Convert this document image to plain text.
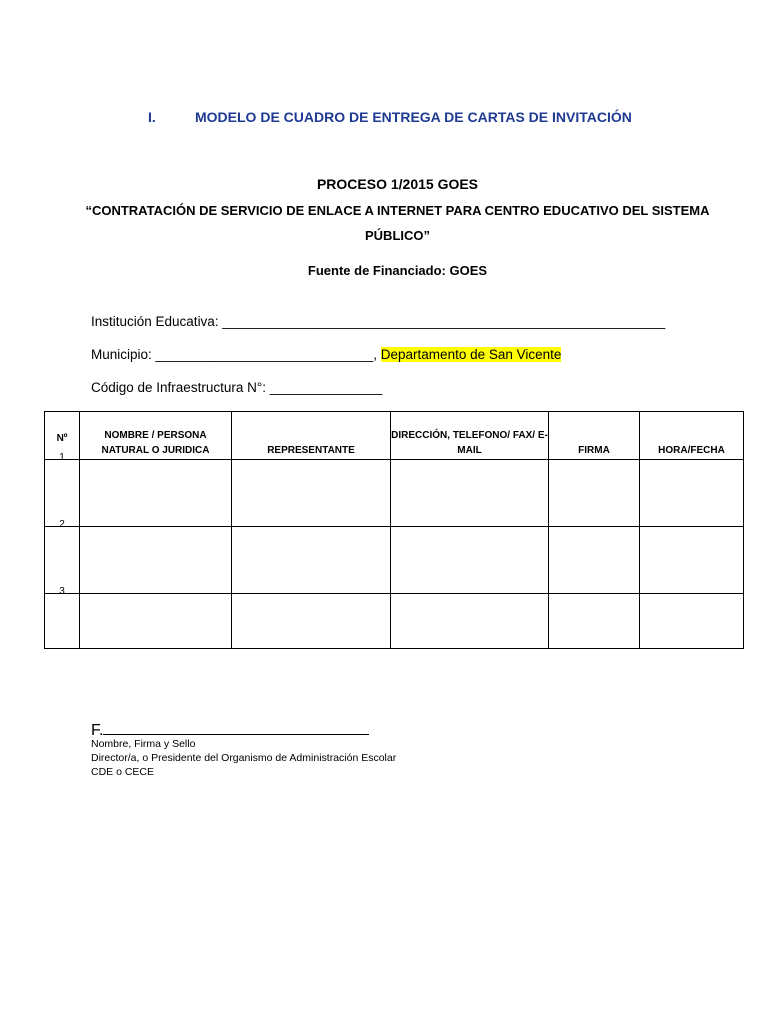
I.	MODELO DE CUADRO DE ENTREGA DE CARTAS DE INVITACIÓN
PROCESO 1/2015 GOES
“CONTRATACIÓN DE SERVICIO DE ENLACE A INTERNET PARA CENTRO EDUCATIVO DEL SISTEMA PÚBLICO”
Fuente de Financiado: GOES
Institución Educativa: ___________________________________________________________
Municipio: _____________________________, Departamento de San Vicente
Código de Infraestructura N°: _______________
Nº	NOMBRE / PERSONA NATURAL O JURIDICA	REPRESENTANTE	DIRECCIÓN, TELEFONO/ FAX/ E-MAIL	FIRMA	HORA/FECHA

1					

2					

3					

F.
Nombre, Firma y Sello
Director/a, o Presidente del Organismo de Administración Escolar
CDE o CECE
